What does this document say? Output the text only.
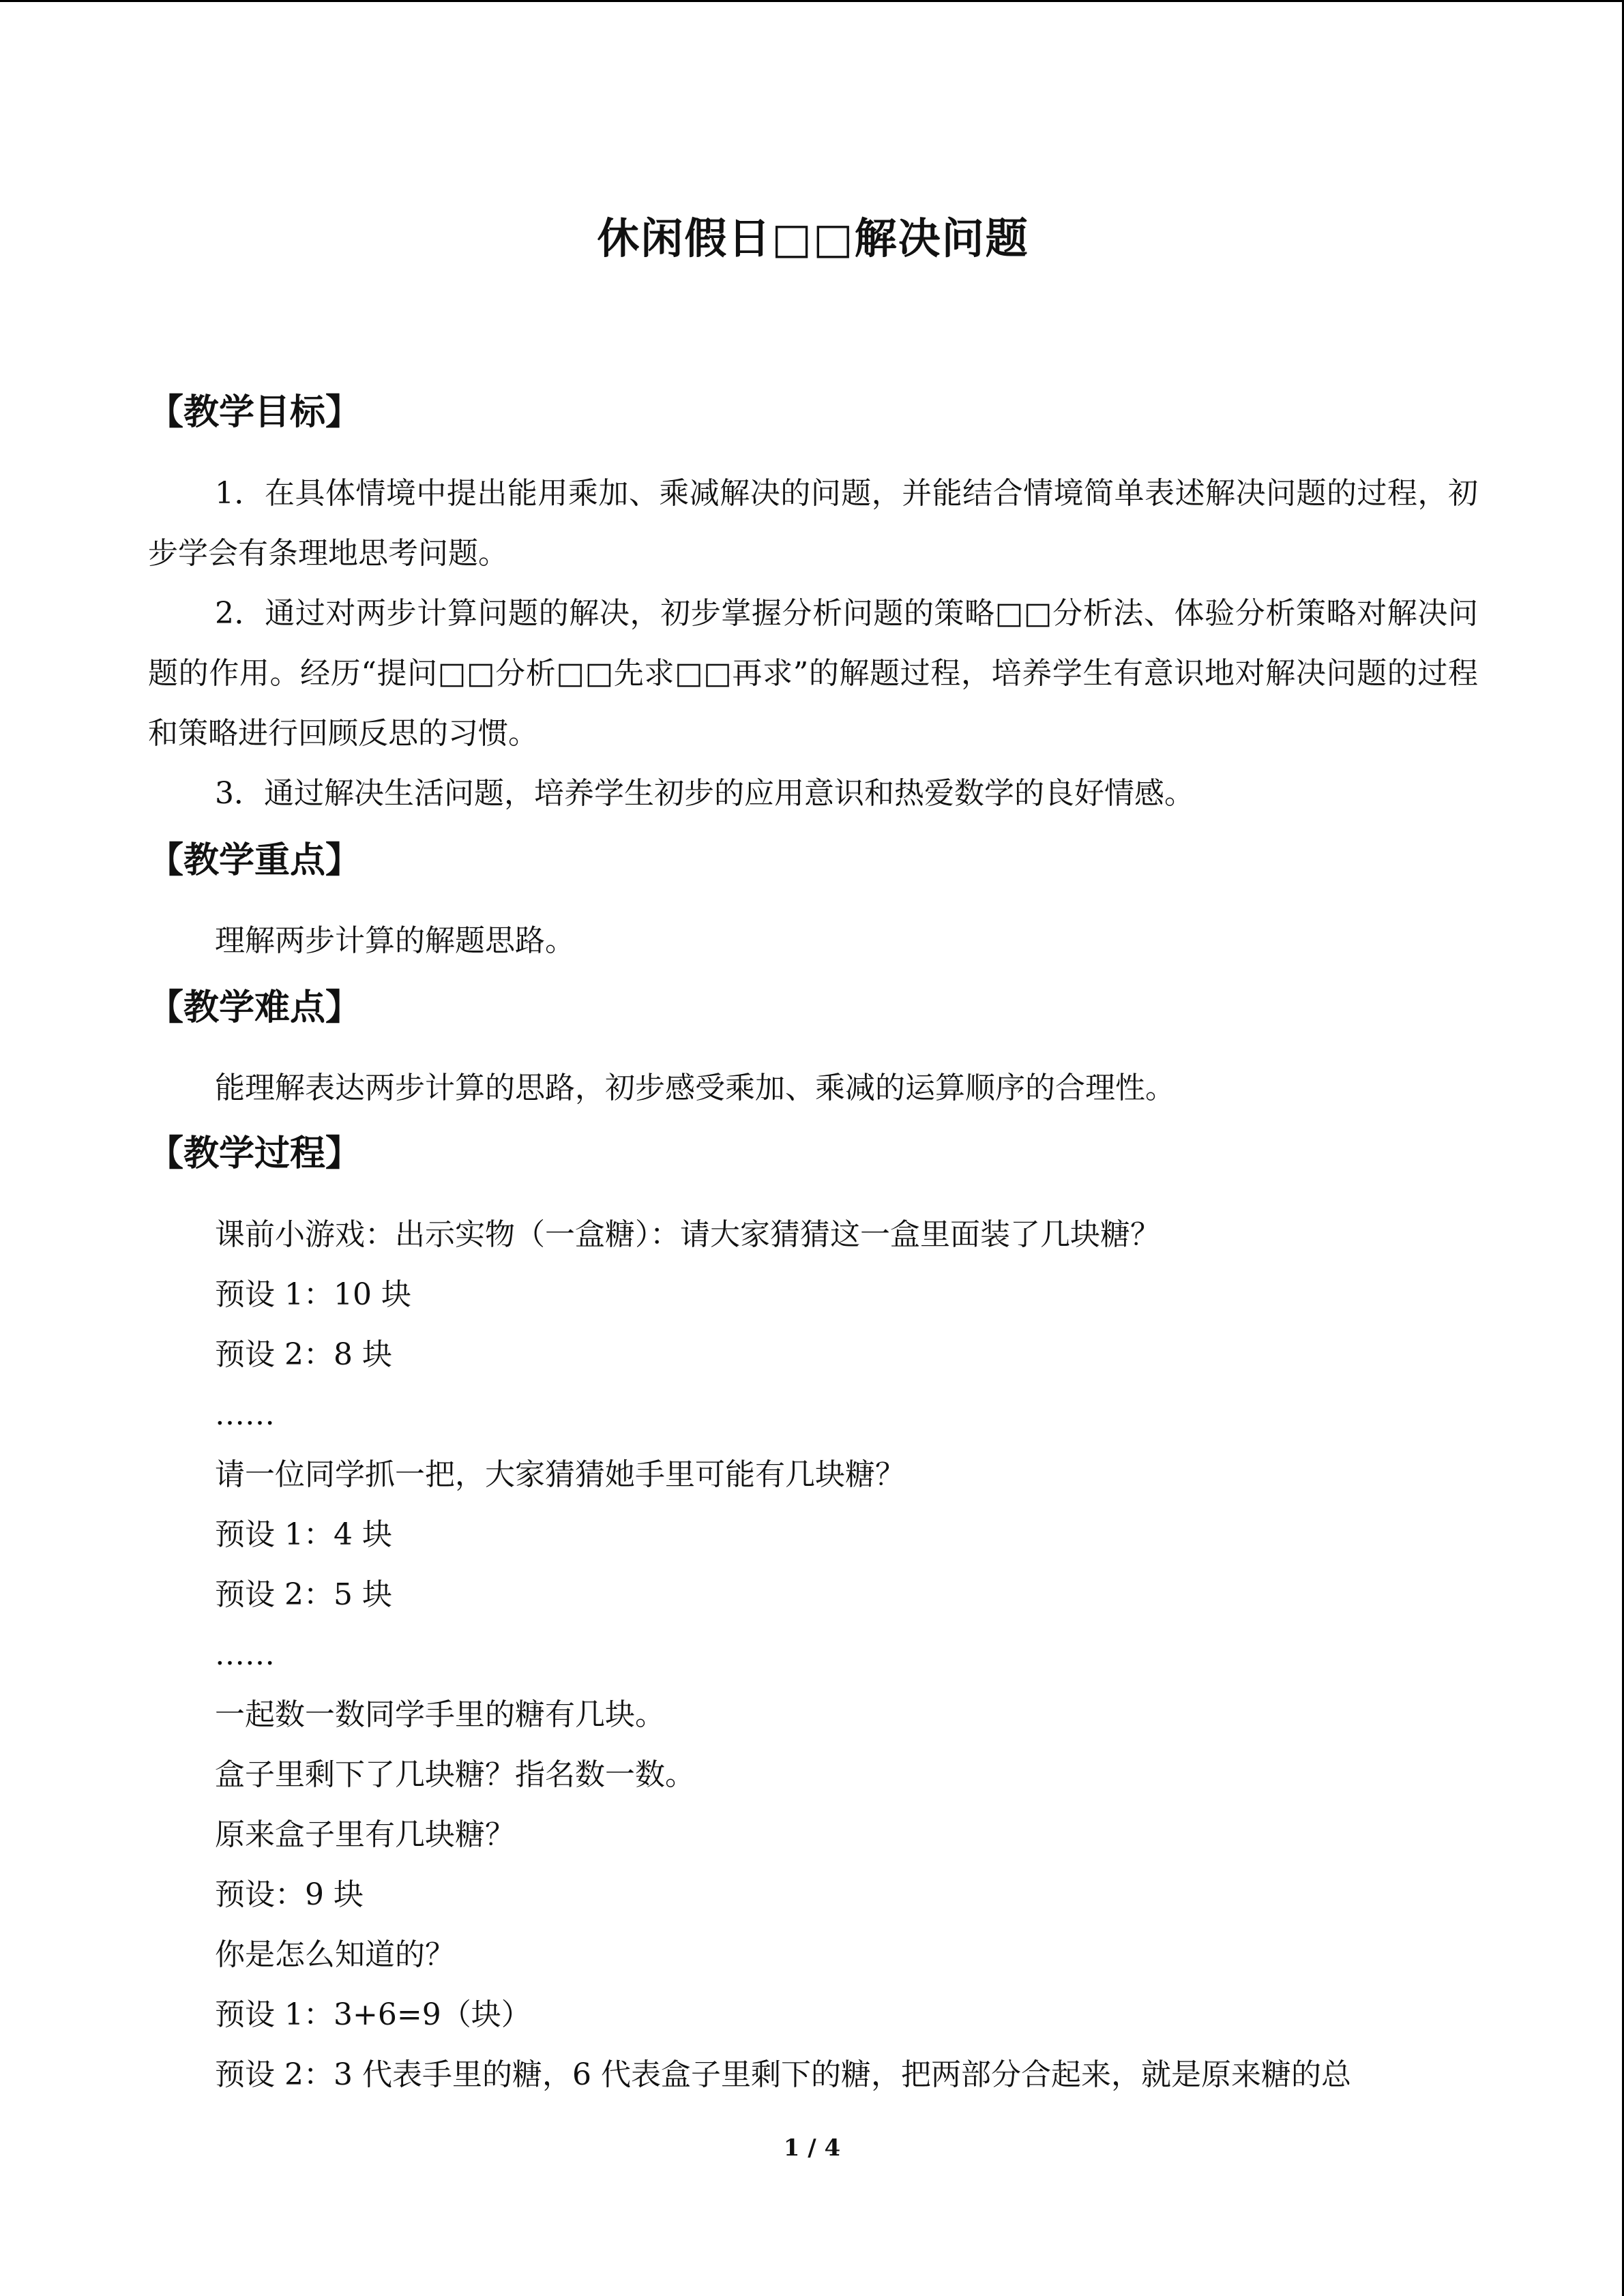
休闲假日□□解决问题
【教学目标】

1．在具体情境中提出能用乘加、乘减解决的问题，并能结合情境简单表述解决问题的过程，初步学会有条理地思考问题。

2．通过对两步计算问题的解决，初步掌握分析问题的策略□□分析法、体验分析策略对解决问题的作用。经历“提问□□分析□□先求□□再求”的解题过程，培养学生有意识地对解决问题的过程和策略进行回顾反思的习惯。

3．通过解决生活问题，培养学生初步的应用意识和热爱数学的良好情感。

【教学重点】

理解两步计算的解题思路。

【教学难点】

能理解表达两步计算的思路，初步感受乘加、乘减的运算顺序的合理性。

【教学过程】

课前小游戏：出示实物（一盒糖）：请大家猜猜这一盒里面装了几块糖？

预设 1：10 块

预设 2：8 块

……

请一位同学抓一把，大家猜猜她手里可能有几块糖？

预设 1：4 块

预设 2：5 块

……

一起数一数同学手里的糖有几块。

盒子里剩下了几块糖？指名数一数。

原来盒子里有几块糖？

预设：9 块

你是怎么知道的？

预设 1：3+6=9（块）

预设 2：3 代表手里的糖，6 代表盒子里剩下的糖，把两部分合起来，就是原来糖的总

1 / 4
